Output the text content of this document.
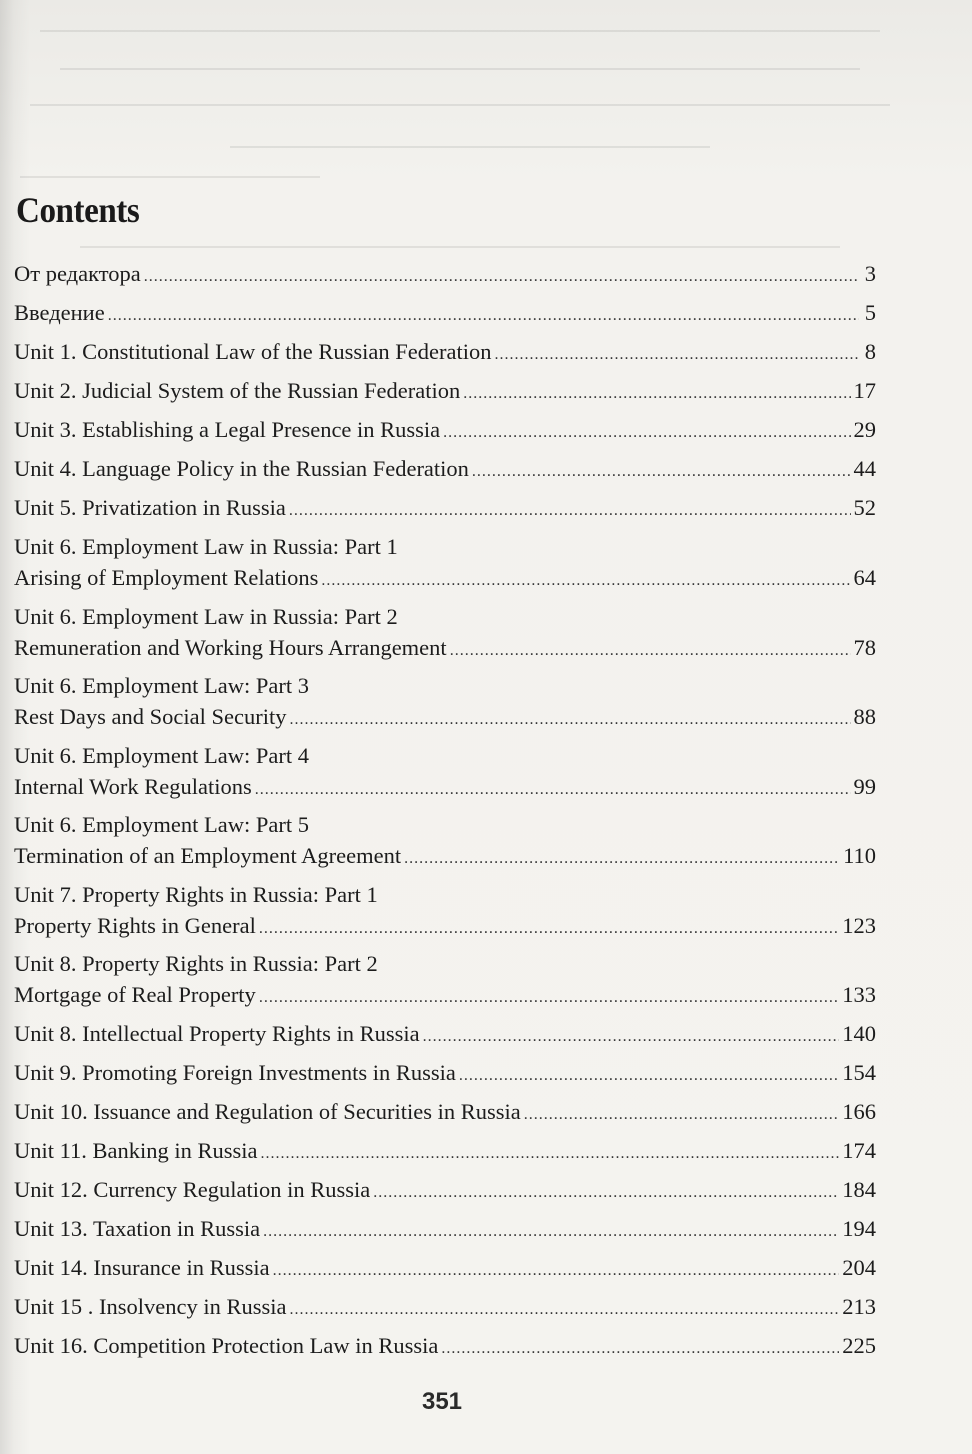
Contents
От редактора .....	3
Введение .....	5
Unit 1. Constitutional Law of the Russian Federation .....	8
Unit 2. Judicial System of the Russian Federation .....	17
Unit 3. Establishing a Legal Presence in Russia .....	29
Unit 4. Language Policy in the Russian Federation .....	44
Unit 5. Privatization in Russia .....	52
Unit 6. Employment Law in Russia: Part 1
Arising of Employment Relations .....	64
Unit 6. Employment Law in Russia: Part 2
Remuneration and Working Hours Arrangement .....	78
Unit 6. Employment Law: Part 3
Rest Days and Social Security .....	88
Unit 6. Employment Law: Part 4
Internal Work Regulations .....	99
Unit 6. Employment Law: Part 5
Termination of an Employment Agreement .....	110
Unit 7. Property Rights in Russia: Part 1
Property Rights in General .....	123
Unit 8. Property Rights in Russia: Part 2
Mortgage of Real Property .....	133
Unit 8. Intellectual Property Rights in Russia .....	140
Unit 9. Promoting Foreign Investments in Russia .....	154
Unit 10. Issuance and Regulation of Securities in Russia .....	166
Unit 11. Banking in Russia .....	174
Unit 12. Currency Regulation in Russia .....	184
Unit 13. Taxation in Russia .....	194
Unit 14. Insurance in Russia .....	204
Unit 15 . Insolvency in Russia .....	213
Unit 16. Competition Protection Law in Russia .....	225
351
